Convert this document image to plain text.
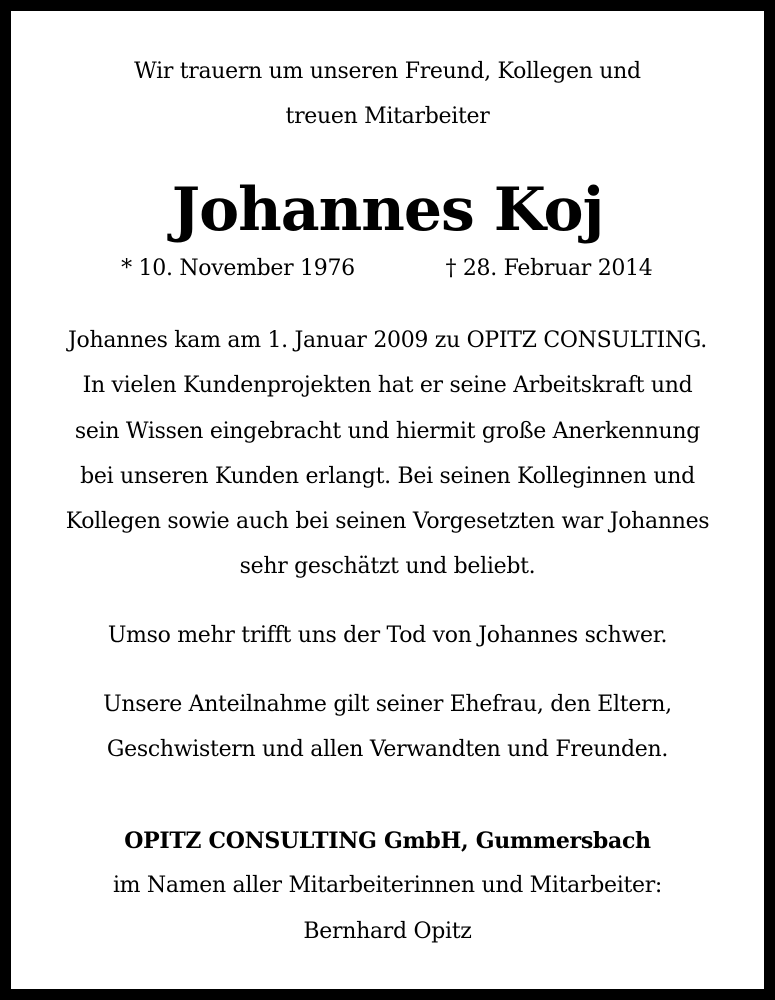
Wir trauern um unseren Freund, Kollegen und
treuen Mitarbeiter
Johannes Koj
* 10. November 1976	† 28. Februar 2014
Johannes kam am 1. Januar 2009 zu OPITZ CONSULTING.
In vielen Kundenprojekten hat er seine Arbeitskraft und
sein Wissen eingebracht und hiermit große Anerkennung
bei unseren Kunden erlangt. Bei seinen Kolleginnen und
Kollegen sowie auch bei seinen Vorgesetzten war Johannes
sehr geschätzt und beliebt.
Umso mehr trifft uns der Tod von Johannes schwer.
Unsere Anteilnahme gilt seiner Ehefrau, den Eltern,
Geschwistern und allen Verwandten und Freunden.
OPITZ CONSULTING GmbH, Gummersbach
im Namen aller Mitarbeiterinnen und Mitarbeiter:
Bernhard Opitz
